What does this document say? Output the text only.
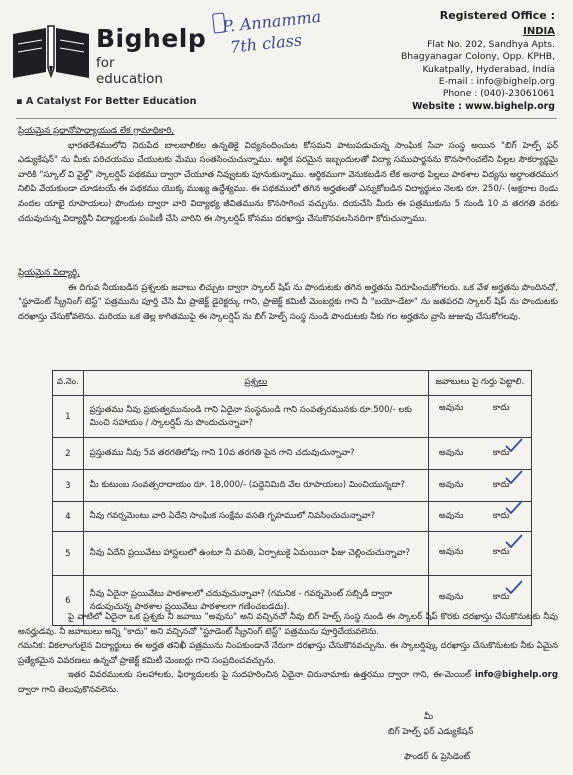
Bighelp
for education
▪ A Catalyst For Better Education
P. Annamma
7th class
Registered Office :
INDIA
Flat No. 202, Sandhya Apts.
Bhagyanagar Colony, Opp. KPHB,
Kukatpally, Hyderabad, India
E-mail : info@bighelp.org
Phone : (040)-23061061
Website : www.bighelp.org
ప్రియమైన ప్రధానోపాధ్యాయుడ లేక గ్రామాధికారి,
భారతదేశములోని నిరుపేద బాలబాలికల ఉన్నతికై విద్యనందించుట కోసమని పాటుపడుచున్న సాంఘిక సేవా సంస్థ అయిన "బిగ్ హెల్ప్ ఫర్ ఎడ్యుకేషన్" ను మీకు పరిచయము చేయుటకు మేము సంతసించుచున్నాము. ఆర్థిక పరమైన ఇబ్బందులతో విద్యా సముపార్జనను కొనసాగించలేని పిల్లల సౌకర్యార్థమై వారికి "స్కూల్ వి వైల్డ్" స్కాలర్షిప్ పథకము ద్వారా చేయూత నివ్వుటకు పూనుకున్నాము. ఆర్థికముగా వెనుకబడిన లేక అనాథ పిల్లలు పాఠశాల విద్యను అర్ధాంతరముగ నిలిపి వేయకుండా చూడటయే ఈ పథకము యొక్క ముఖ్య ఉద్దేశ్యము. ఈ పథకములో తగిన అర్హతలతో ఎన్నుకోబడిన విద్యార్థులు నెలకు రూ. 250/- (అక్షరాల రెండు వందల యాభై రూపాయలు) పొందుట ద్వారా వారి విద్యాభ్య జీవితమును కొనసాగించ వచ్చును. దయచేసి మీరు ఈ పత్రముకును 5 నుండి 10 వ తరగతి వరకు చదువుచున్న విద్యార్థినీ విద్యార్థులకు పంపిణీ చేసి వారిని ఈ స్కాలర్షిప్ కోసము దరఖాస్తు చేసుకొనవలసినదిగా కోరుచున్నాము.
ప్రియమైన విద్యార్థి,
ఈ దిగువ నీయబడిన ప్రశ్నలకు జవాబు లిచ్చుట ద్వారా స్కాలర్ షిప్ ను పొందుటకు తగిన అర్హతను నిరూపించుకోగలరు. ఒక వేళ అర్హతను పొందినచో, "స్టూడెంట్ స్క్రీనింగ్ టెస్ట్" పత్రమును పూర్తి చేసి మీ ప్రాజెక్ట్ డైరెక్టర్కు గాని, ప్రాజెక్ట్ కమిటీ మెంబర్లకు గాని నీ "బయో-డేటా" ను జతపరచి స్కాలర్ షిప్ ను పొందుటకు దరఖాస్తు చేసుకోవలెను. మరియు ఒక తెల్ల కాగితముపై ఈ స్కాలర్షిప్ ను బిగ్ హెల్ప్ సంస్థ నుండి పొందుటకు నీకు గల అర్హతను వ్రాసి జుజువు చేసుకోగలవు.
వ.నెం.	ప్రశ్నలు	జవాబులు పై గుర్తు పెట్టాలి.
1	ప్రస్తుతము నీవు ప్రభుత్వమునుండి గాని ఏదైనా సంస్థనుండి గాని సంవత్సరమునకు రూ.500/- లకు మించి సహాయం / స్కాలర్షిప్ ను పొందుచున్నావా?	అవును కాదు

2	ప్రస్తుతము నీవు 5వ తరగతిలోపు గాని 10వ తరగతి పైన గాని చదువుచున్నావా?	అవును కాదు

3	మీ కుటుంబ సంవత్సరాదాయం రూ. 18,000/- (పద్దెనిమిది వేల రూపాయలు) మించియున్నదా?	అవును కాదు

4	నీవు గవర్నమెంటు వారి ఏదేని సాంఘిక సంక్షేమ వసతి గృహములో నివసించుచున్నావా?	అవును కాదు

5	నీవు ఏదేని ప్రయివేటు హాస్టలులో ఉంటూ నీ వసతి, ఏర్పాటుకై ఏమయినా ఫీజు చెల్లించుచున్నావా?	అవును కాదు

6	నీవు ఏదైనా ప్రయివేటు పాఠశాలలో చదువుచున్నావా? (గమనిక - గవర్నమెంట్ సబ్సిడీ ద్వారా నడుపుచున్న పాఠశాల ప్రయివేటు పాఠశాలగా గణించబడదు).	అవును కాదు
పై వాటిలో ఏదైనా ఒక ప్రశ్నకు నీ జవాబు "అవును" అని వచ్చినచో నీవు బిగ్ హెల్ప్ సంస్థ నుండి ఈ స్కాలర్ షిప్ కొరకు దరఖాస్తు చేసుకొనుటకు నీవు అనర్హుడవు. నీ జవాబులు అన్ని "కాదు" అని వచ్చినచో "స్టూడెంట్ స్క్రీనింగ్ టెస్ట్" పత్రమును పూర్తిచేయవలెను.
గమనిక: వికలాంగులైన విద్యార్థులు ఈ అర్హత తనిఖీ పత్రమును నింపకుండానే నేరుగా దరఖాస్తు చేసుకొనవచ్చును. ఈ స్కాలర్షిప్కు దరఖాస్తు చేసుకొనుటకు నీకు ఏమైన ప్రత్యేకమైన వివరణలు ఉన్నచో ప్రాజెక్ట్ కమిటీ మెంబర్లు గాని సంప్రదించవచ్చును.
ఇతర వివరములకు సలహాలకు, ఫిర్యాదులకు పై సుదహరించిన ఏదైనా చిరునామాకు ఉత్తరము ద్వారా గాని, ఈ-మెయిల్ info@bighelp.org ద్వారా గాని తెలుపుకొనవలెను.
మీ
బిగ్ హెల్ప్ ఫర్ ఎడ్యుకేషన్
ఫౌండర్ & ప్రెసిడెంట్
